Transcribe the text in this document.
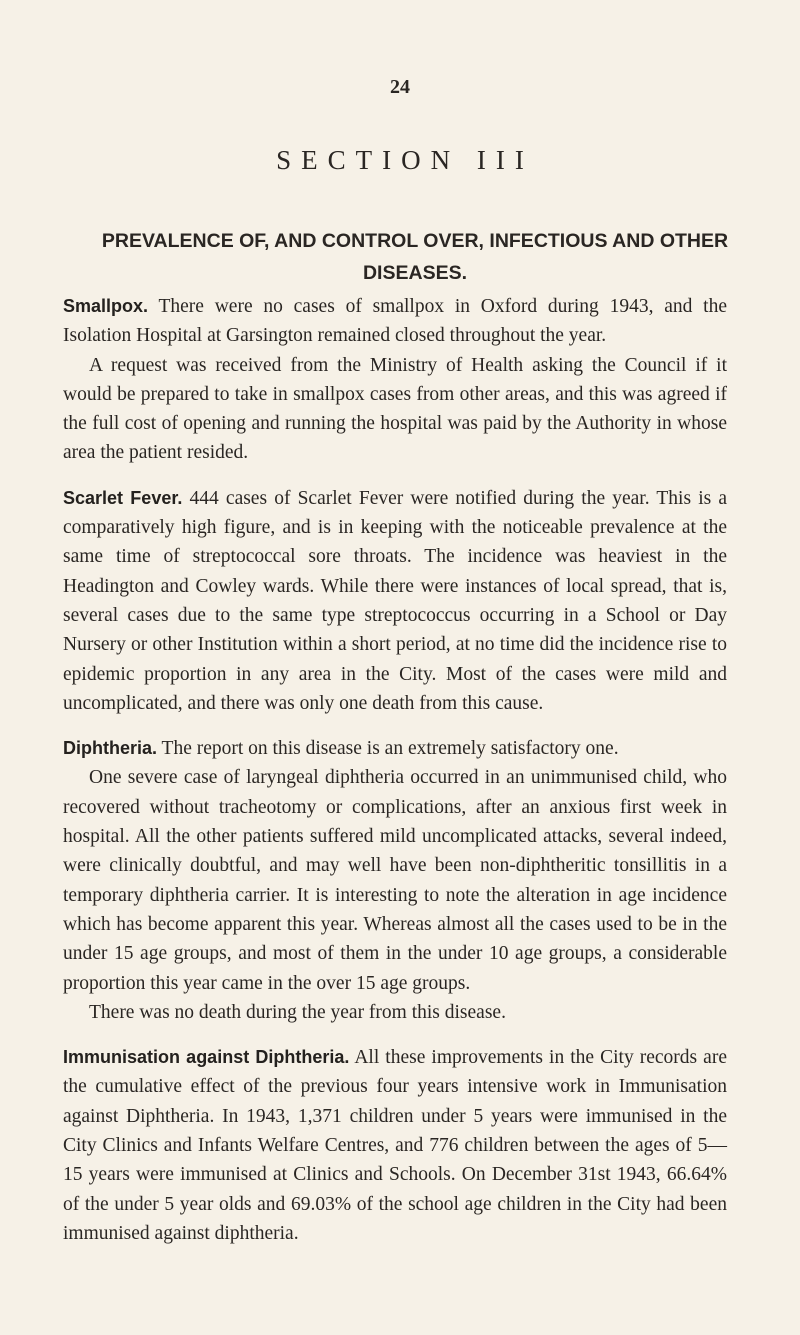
24
SECTION III
PREVALENCE OF, AND CONTROL OVER, INFECTIOUS AND OTHER DISEASES.

Smallpox. There were no cases of smallpox in Oxford during 1943, and the Isolation Hospital at Garsington remained closed throughout the year.

A request was received from the Ministry of Health asking the Council if it would be prepared to take in smallpox cases from other areas, and this was agreed if the full cost of opening and running the hospital was paid by the Authority in whose area the patient resided.

Scarlet Fever. 444 cases of Scarlet Fever were notified during the year. This is a comparatively high figure, and is in keeping with the noticeable prevalence at the same time of streptococcal sore throats. The incidence was heaviest in the Headington and Cowley wards. While there were instances of local spread, that is, several cases due to the same type streptococcus occurring in a School or Day Nursery or other Institution within a short period, at no time did the incidence rise to epidemic proportion in any area in the City. Most of the cases were mild and uncomplicated, and there was only one death from this cause.

Diphtheria. The report on this disease is an extremely satisfactory one.

One severe case of laryngeal diphtheria occurred in an unimmunised child, who recovered without tracheotomy or complications, after an anxious first week in hospital. All the other patients suffered mild uncomplicated attacks, several indeed, were clinically doubtful, and may well have been non-diphtheritic tonsillitis in a temporary diphtheria carrier. It is interesting to note the alteration in age incidence which has become apparent this year. Whereas almost all the cases used to be in the under 15 age groups, and most of them in the under 10 age groups, a considerable proportion this year came in the over 15 age groups.

There was no death during the year from this disease.

Immunisation against Diphtheria. All these improvements in the City records are the cumulative effect of the previous four years intensive work in Immunisation against Diphtheria. In 1943, 1,371 children under 5 years were immunised in the City Clinics and Infants Welfare Centres, and 776 children between the ages of 5—15 years were immunised at Clinics and Schools. On December 31st 1943, 66.64% of the under 5 year olds and 69.03% of the school age children in the City had been immunised against diphtheria.
